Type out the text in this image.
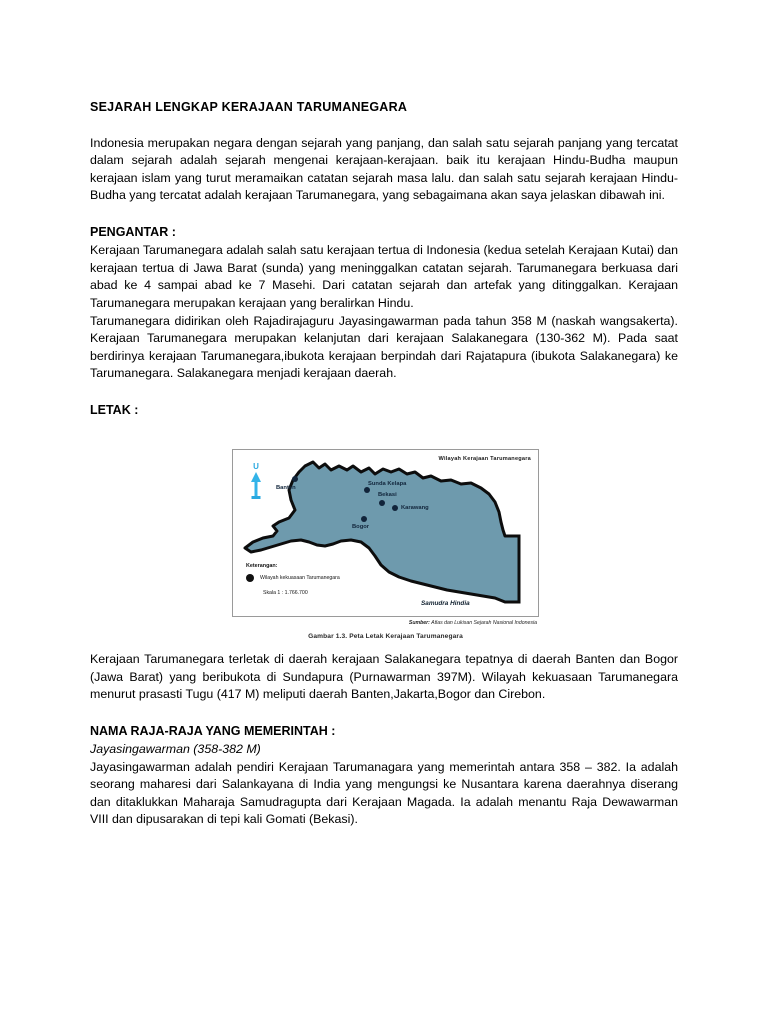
SEJARAH LENGKAP KERAJAAN TARUMANEGARA

Indonesia merupakan negara dengan sejarah yang panjang, dan salah satu sejarah panjang yang tercatat dalam sejarah adalah sejarah mengenai kerajaan-kerajaan. baik itu kerajaan Hindu-Budha maupun kerajaan islam yang turut meramaikan catatan sejarah masa lalu. dan salah satu sejarah kerajaan Hindu-Budha yang tercatat adalah kerajaan Tarumanegara, yang sebagaimana akan saya jelaskan dibawah ini.

PENGANTAR :

Kerajaan Tarumanegara adalah salah satu kerajaan tertua di Indonesia (kedua setelah Kerajaan Kutai) dan kerajaan tertua di Jawa Barat (sunda) yang meninggalkan catatan sejarah. Tarumanegara berkuasa dari abad ke 4 sampai abad ke 7 Masehi. Dari catatan sejarah dan artefak yang ditinggalkan. Kerajaan Tarumanegara merupakan kerajaan yang beralirkan Hindu.

Tarumanegara didirikan oleh Rajadirajaguru Jayasingawarman pada tahun 358 M (naskah wangsakerta). Kerajaan Tarumanegara merupakan kelanjutan dari kerajaan Salakanegara (130-362 M). Pada saat berdirinya kerajaan Tarumanegara,ibukota kerajaan berpindah dari Rajatapura (ibukota Salakanegara) ke Tarumanegara. Salakanegara menjadi kerajaan daerah.

LETAK :
Wilayah Kerajaan Tarumanegara
U
Banten
Sunda Kelapa
Bekasi
Karawang
Bogor
Samudra Hindia
Keterangan:
Wilayah kekuasaan Tarumanegara
Skala 1 : 1.766.700
Sumber: Atlas dan Lukisan Sejarah Nasional Indonesia
Gambar 1.3. Peta Letak Kerajaan Tarumanegara

Kerajaan Tarumanegara terletak di daerah kerajaan Salakanegara tepatnya di daerah Banten dan Bogor (Jawa Barat) yang beribukota di Sundapura (Purnawarman 397M). Wilayah kekuasaan Tarumanegara menurut prasasti Tugu (417 M) meliputi daerah Banten,Jakarta,Bogor dan Cirebon.

NAMA RAJA-RAJA YANG MEMERINTAH :

Jayasingawarman (358-382 M)

Jayasingawarman adalah pendiri Kerajaan Tarumanagara yang memerintah antara 358 – 382. Ia adalah seorang maharesi dari Salankayana di India yang mengungsi ke Nusantara karena daerahnya diserang dan ditaklukkan Maharaja Samudragupta dari Kerajaan Magada. Ia adalah menantu Raja Dewawarman VIII dan dipusarakan di tepi kali Gomati (Bekasi).
